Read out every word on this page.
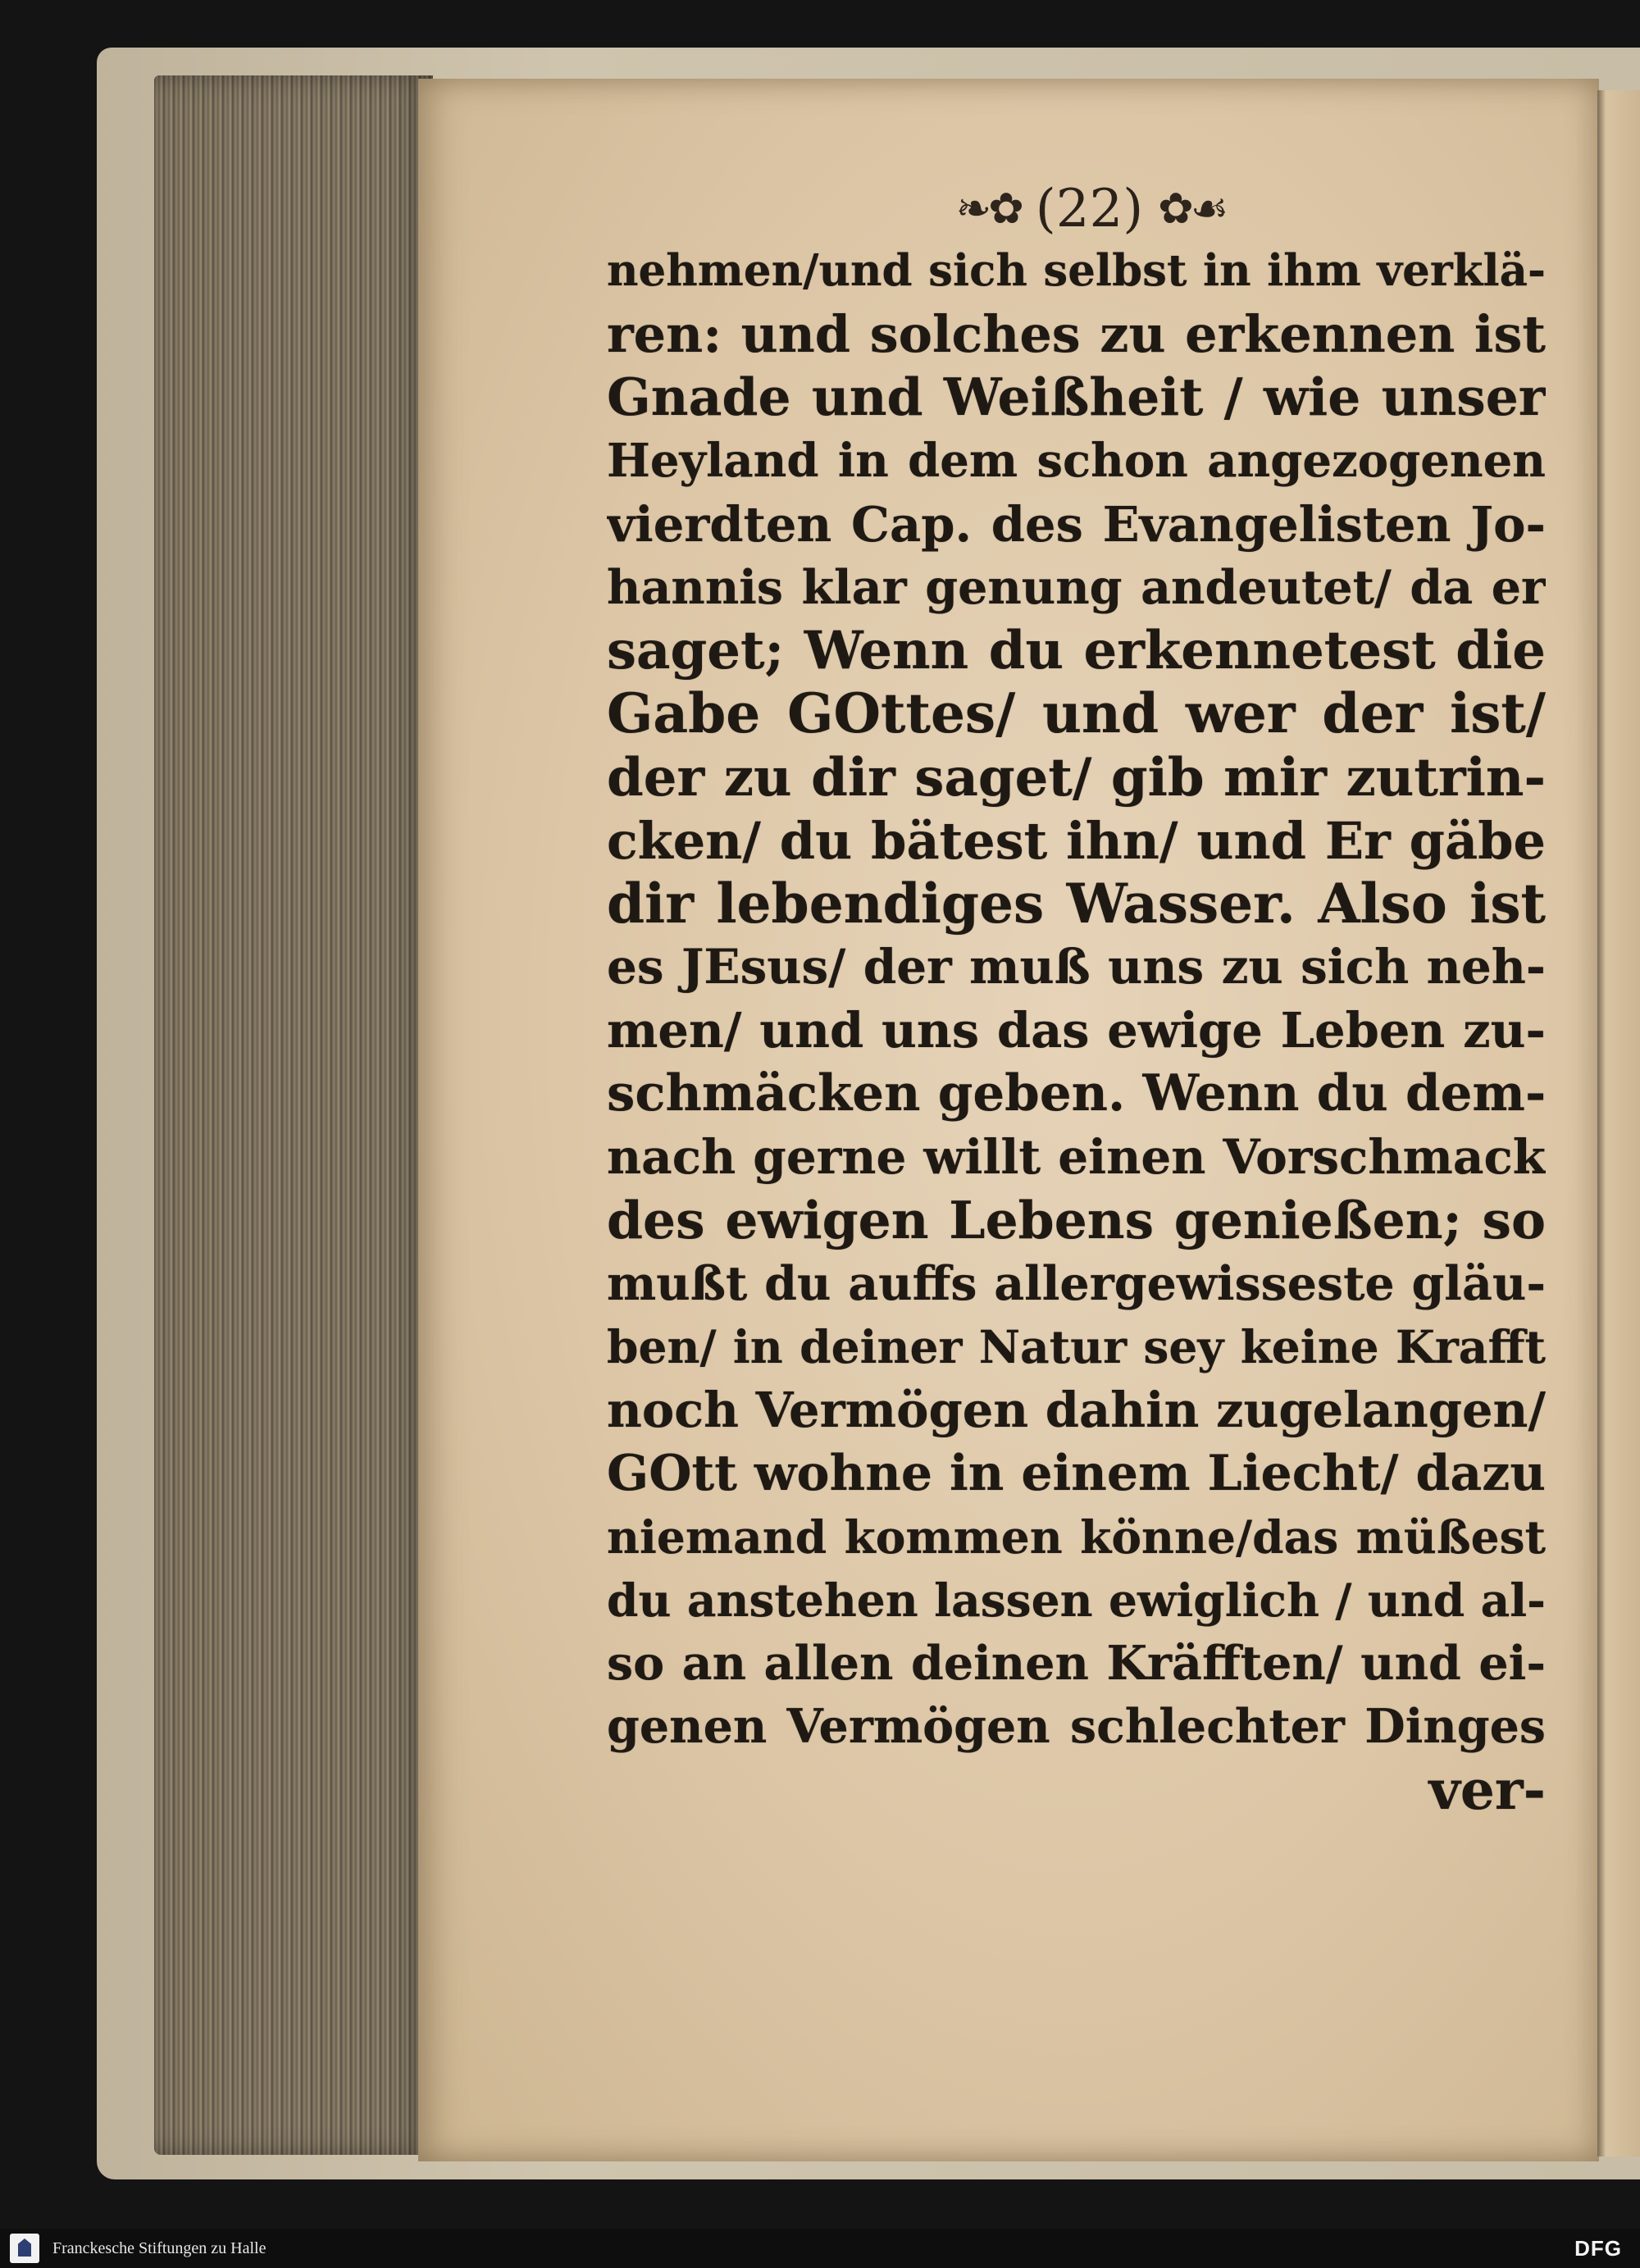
❧✿ (22) ✿☙
nehmen/und sich selbst in ihm verklä-
ren: und solches zu erkennen ist
Gnade und Weißheit / wie unser
Heyland in dem schon angezogenen
vierdten Cap. des Evangelisten Jo-
hannis klar genung andeutet/ da er
saget; Wenn du erkennetest die
Gabe GOttes/ und wer der ist/
der zu dir saget/ gib mir zutrin-
cken/ du bätest ihn/ und Er gäbe
dir lebendiges Wasser. Also ist
es JEsus/ der muß uns zu sich neh-
men/ und uns das ewige Leben zu-
schmäcken geben. Wenn du dem-
nach gerne willt einen Vorschmack
des ewigen Lebens genießen; so
mußt du auffs allergewisseste gläu-
ben/ in deiner Natur sey keine Krafft
noch Vermögen dahin zugelangen/
GOtt wohne in einem Liecht/ dazu
niemand kommen könne/das müßest
du anstehen lassen ewiglich / und al-
so an allen deinen Kräfften/ und ei-
genen Vermögen schlechter Dinges
ver-
Franckesche Stiftungen zu Halle	DFG
